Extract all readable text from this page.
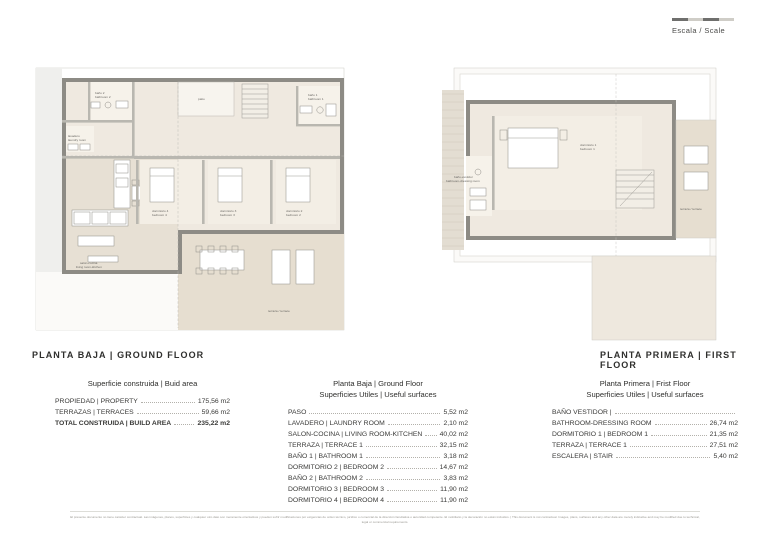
Escala / Scale
baño 2
bathroom 2
lavadero
laundry room
salón-cocina
living room-kitchen
patio
dormitorio 4
bedroom 4
dormitorio 3
bedroom 3
dormitorio 2
bedroom 2
baño 1
bathroom 1
terraza / terrace
PLANTA BAJA | GROUND FLOOR
dormitorio 1
bedroom 1
baño-vestidor
bathroom-dressing room
terraza / terrace
PLANTA PRIMERA | FIRST FLOOR
Superficie construida | Buid area
PROPIEDAD | PROPERTY	175,56 m2
TERRAZAS | TERRACES	59,66 m2
TOTAL CONSTRUIDA | BUILD AREA	235,22 m2
Planta Baja | Ground Floor
Superficies Utiles | Useful surfaces
PASO	5,52 m2
LAVADERO | LAUNDRY ROOM	2,10 m2
SALON-COCINA | LIVING ROOM-KITCHEN	40,02 m2
TERRAZA | TERRACE 1	32,15 m2
BAÑO 1 | BATHROOM 1	3,18 m2
DORMITORIO 2 | BEDROOM 2	14,67 m2
BAÑO 2 | BATHROOM 2	3,83 m2
DORMITORIO 3 | BEDROOM 3	11,90 m2
DORMITORIO 4 | BEDROOM 4	11,90 m2
Planta Primera | Frist Floor
Superficies Utiles | Useful surfaces
BAÑO VESTIDOR |
BATHROOM-DRESSING ROOM	26,74 m2
DORMITORIO 1 | BEDROOM 1	21,35 m2
TERRAZA | TERRACE 1	27,51 m2
ESCALERA | STAIR	5,40 m2
El presente documento no tiene carácter contractual. Las imágenes, planos, superficies y cualquier otro dato son meramente orientativos y pueden sufrir modificaciones por exigencias de orden técnico, jurídico o comercial de la dirección facultativa o autoridad competente. El mobiliario y la decoración no están incluidos. | This document is not contractual. Images, plans, surfaces and any other data are merely indicative and may be modified due to technical, legal or commercial requirements.
